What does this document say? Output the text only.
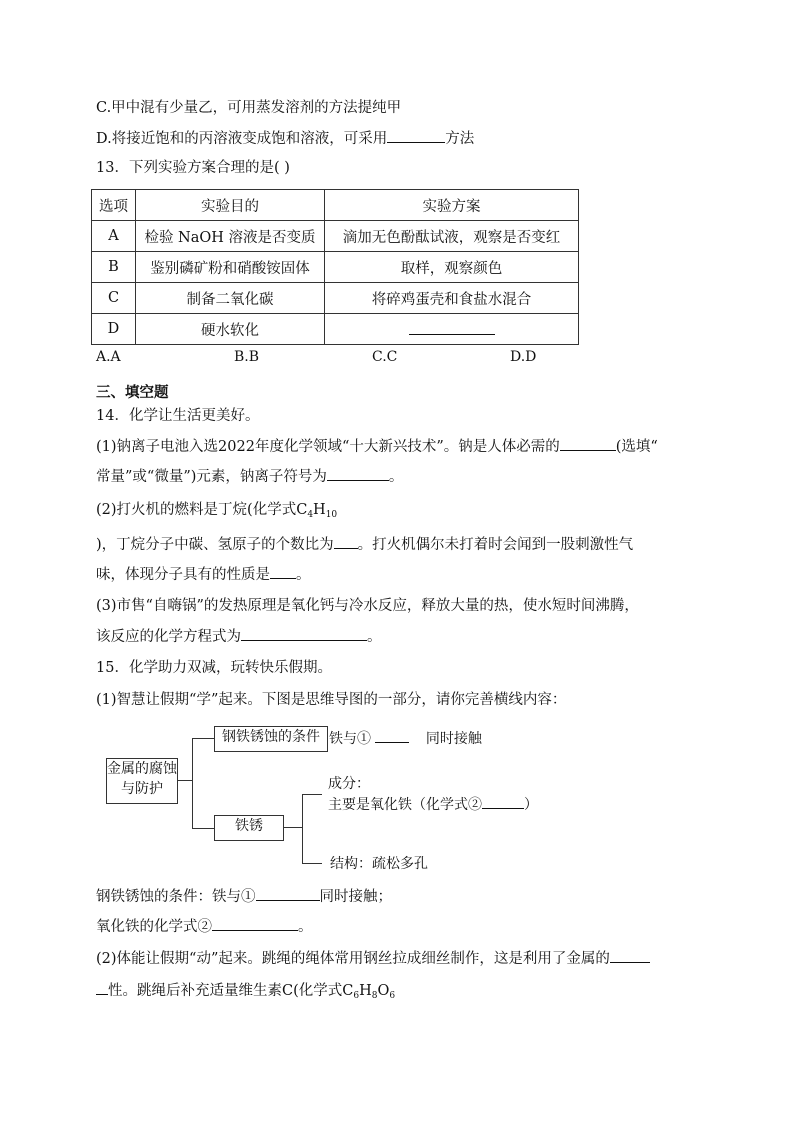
C.甲中混有少量乙，可用蒸发溶剂的方法提纯甲
D.将接近饱和的丙溶液变成饱和溶液，可采用	方法
13．下列实验方案合理的是( )
选项	实验目的	实验方案
A	检验 NaOH 溶液是否变质	滴加无色酚酞试液，观察是否变红
B	鉴别磷矿粉和硝酸铵固体	取样，观察颜色
C	制备二氧化碳	将碎鸡蛋壳和食盐水混合
D	硬水软化	
A.A	B.B	C.C	D.D
三、填空题
14．化学让生活更美好。
(1)钠离子电池入选2022年度化学领域“十大新兴技术”。钠是人体必需的	(选填“
常量”或“微量”)元素，钠离子符号为	。
(2)打火机的燃料是丁烷(化学式$C_4H_{10}$
)，丁烷分子中碳、氢原子的个数比为 。打火机偶尔未打着时会闻到一股刺激性气
味，体现分子具有的性质是 。
(3)市售“自嗨锅”的发热原理是氧化钙与冷水反应，释放大量的热，使水短时间沸腾，
该反应的化学方程式为	。
15．化学助力双减，玩转快乐假期。
(1)智慧让假期“学”起来。下图是思维导图的一部分，请你完善横线内容：
金属的腐蚀与防护
钢铁锈蚀的条件 铁与①	同时接触
铁锈
成分：
主要是氧化铁（化学式②	）
结构：疏松多孔
钢铁锈蚀的条件：铁与①	同时接触；
氧化铁的化学式②	。
(2)体能让假期“动”起来。跳绳的绳体常用钢丝拉成细丝制作，这是利用了金属的
性。跳绳后补充适量维生素C(化学式$C_6H_8O_6$
